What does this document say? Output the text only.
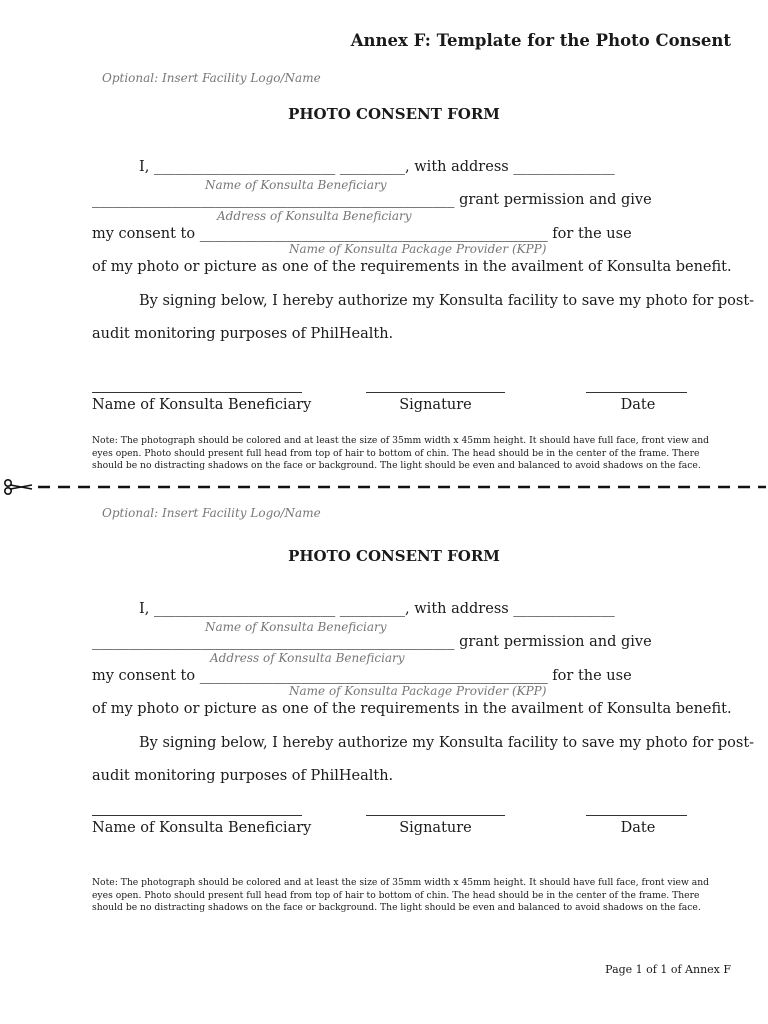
Annex F: Template for the Photo Consent
Optional: Insert Facility Logo/Name
PHOTO CONSENT FORM
I, _________________________ _________, with address ______________
Name of Konsulta Beneficiary
__________________________________________________ grant permission and give
Address of Konsulta Beneficiary
my consent to ________________________________________________ for the use
Name of Konsulta Package Provider (KPP)
of my photo or picture as one of the requirements in the availment of Konsulta benefit.
By signing below, I hereby authorize my Konsulta facility to save my photo for post-
audit monitoring purposes of PhilHealth.
Name of Konsulta Beneficiary	Signature	Date
Note: The photograph should be colored and at least the size of 35mm width x 45mm height. It should have full face, front view and eyes open. Photo should present full head from top of hair to bottom of chin. The head should be in the center of the frame. There should be no distracting shadows on the face or background. The light should be even and balanced to avoid shadows on the face.
Optional: Insert Facility Logo/Name
PHOTO CONSENT FORM
I, _________________________ _________, with address ______________
Name of Konsulta Beneficiary
__________________________________________________ grant permission and give
Address of Konsulta Beneficiary
my consent to ________________________________________________ for the use
Name of Konsulta Package Provider (KPP)
of my photo or picture as one of the requirements in the availment of Konsulta benefit.
By signing below, I hereby authorize my Konsulta facility to save my photo for post-
audit monitoring purposes of PhilHealth.
Name of Konsulta Beneficiary	Signature	Date
Note: The photograph should be colored and at least the size of 35mm width x 45mm height. It should have full face, front view and eyes open. Photo should present full head from top of hair to bottom of chin. The head should be in the center of the frame. There should be no distracting shadows on the face or background. The light should be even and balanced to avoid shadows on the face.
Page 1 of 1 of Annex F
